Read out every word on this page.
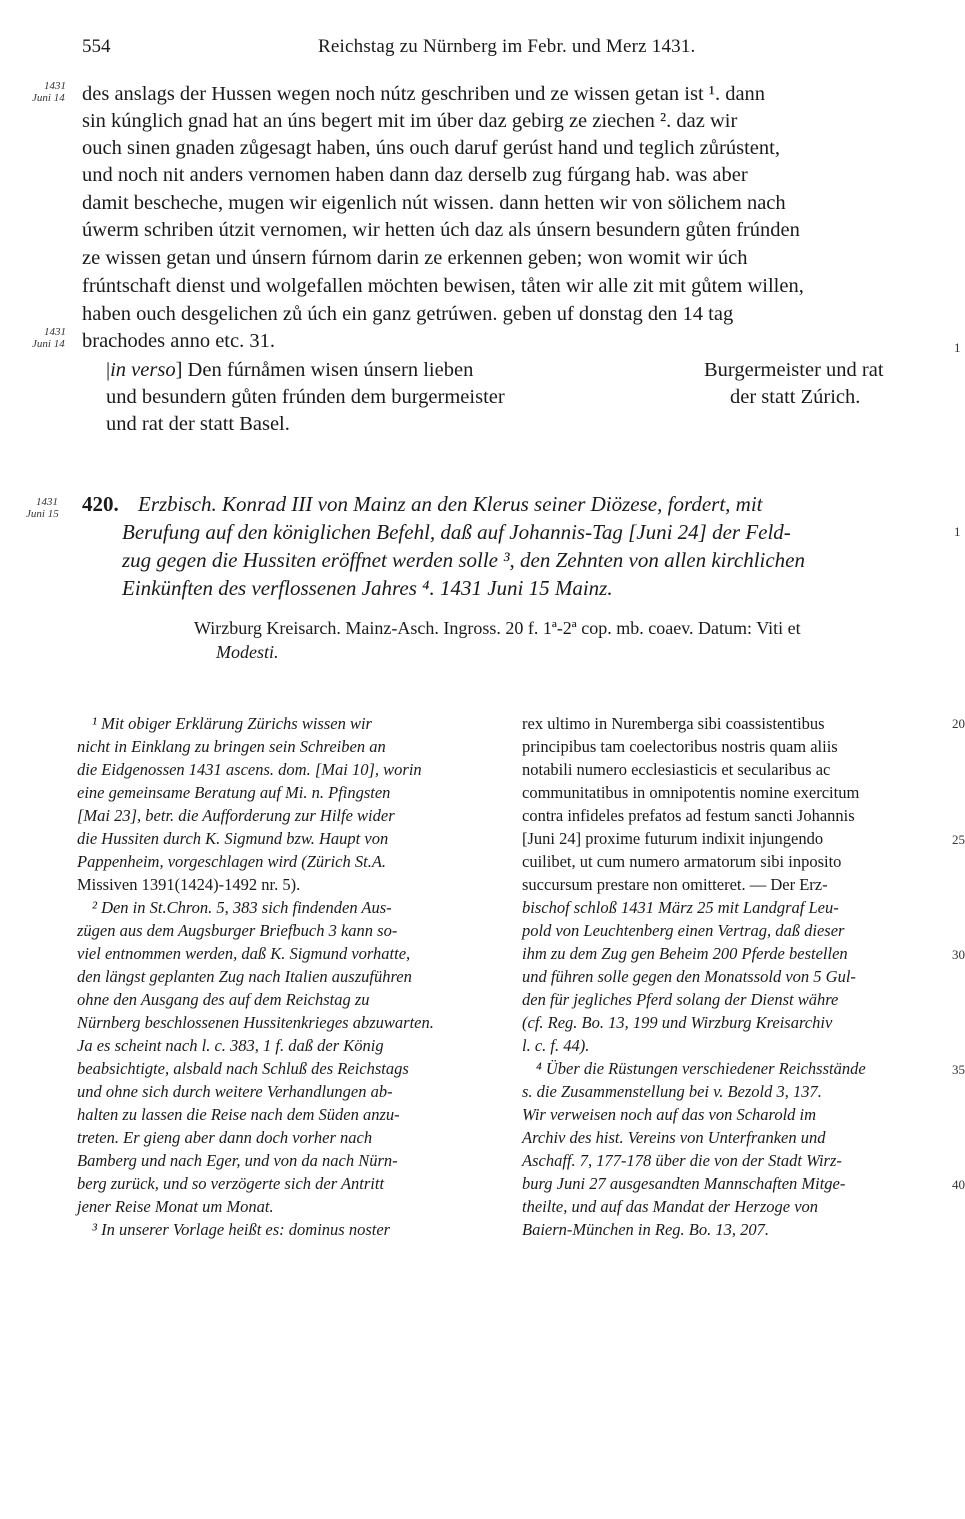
554	Reichstag zu Nürnberg im Febr. und Merz 1431.
1431
Juni 14
1431
Juni 14
1431
Juni 15
1
1
des anslags der Hussen wegen noch nútz geschriben und ze wissen getan ist ¹. dann
sin kúnglich gnad hat an úns begert mit im úber daz gebirg ze ziechen ². daz wir
ouch sinen gnaden zůgesagt haben, úns ouch daruf gerúst hand und teglich zůrústent,
und noch nit anders vernomen haben dann daz derselb zug fúrgang hab. was aber
damit bescheche, mugen wir eigenlich nút wissen. dann hetten wir von sölichem nach
úwerm schriben útzit vernomen, wir hetten úch daz als únsern besundern gůten frúnden
ze wissen getan und únsern fúrnom darin ze erkennen geben; won womit wir úch
frúntschaft dienst und wolgefallen möchten bewisen, tåten wir alle zit mit gůtem willen,
haben ouch desgelichen zů úch ein ganz getrúwen. geben uf donstag den 14 tag
brachodes anno etc. 31.
|in verso] Den fúrnåmen wisen únsern lieben
und besundern gůten frúnden dem burgermeister
und rat der statt Basel.
Burgermeister und rat
der statt Zúrich.
420. Erzbisch. Konrad III von Mainz an den Klerus seiner Diözese, fordert, mit
Berufung auf den königlichen Befehl, daß auf Johannis-Tag [Juni 24] der Feld-
zug gegen die Hussiten eröffnet werden solle ³, den Zehnten von allen kirchlichen
Einkünften des verflossenen Jahres ⁴. 1431 Juni 15 Mainz.
Wirzburg Kreisarch. Mainz-Asch. Ingross. 20 f. 1ª-2ª cop. mb. coaev. Datum: Viti et
Modesti.
¹ Mit obiger Erklärung Zürichs wissen wir
nicht in Einklang zu bringen sein Schreiben an
die Eidgenossen 1431 ascens. dom. [Mai 10], worin
eine gemeinsame Beratung auf Mi. n. Pfingsten
[Mai 23], betr. die Aufforderung zur Hilfe wider
die Hussiten durch K. Sigmund bzw. Haupt von
Pappenheim, vorgeschlagen wird (Zürich St.A.
Missiven 1391(1424)-1492 nr. 5).
² Den in St.Chron. 5, 383 sich findenden Aus-
zügen aus dem Augsburger Briefbuch 3 kann so-
viel entnommen werden, daß K. Sigmund vorhatte,
den längst geplanten Zug nach Italien auszuführen
ohne den Ausgang des auf dem Reichstag zu
Nürnberg beschlossenen Hussitenkrieges abzuwarten.
Ja es scheint nach l. c. 383, 1 f. daß der König
beabsichtigte, alsbald nach Schluß des Reichstags
und ohne sich durch weitere Verhandlungen ab-
halten zu lassen die Reise nach dem Süden anzu-
treten. Er gieng aber dann doch vorher nach
Bamberg und nach Eger, und von da nach Nürn-
berg zurück, und so verzögerte sich der Antritt
jener Reise Monat um Monat.
³ In unserer Vorlage heißt es: dominus noster
rex ultimo in Nuremberga sibi coassistentibus
principibus tam coelectoribus nostris quam aliis
notabili numero ecclesiasticis et secularibus ac
communitatibus in omnipotentis nomine exercitum
contra infideles prefatos ad festum sancti Johannis
[Juni 24] proxime futurum indixit injungendo
cuilibet, ut cum numero armatorum sibi inposito
succursum prestare non omitteret. — Der Erz-
bischof schloß 1431 März 25 mit Landgraf Leu-
pold von Leuchtenberg einen Vertrag, daß dieser
ihm zu dem Zug gen Beheim 200 Pferde bestellen
und führen solle gegen den Monatssold von 5 Gul-
den für jegliches Pferd solang der Dienst währe
(cf. Reg. Bo. 13, 199 und Wirzburg Kreisarchiv
l. c. f. 44).
⁴ Über die Rüstungen verschiedener Reichsstände
s. die Zusammenstellung bei v. Bezold 3, 137.
Wir verweisen noch auf das von Scharold im
Archiv des hist. Vereins von Unterfranken und
Aschaff. 7, 177-178 über die von der Stadt Wirz-
burg Juni 27 ausgesandten Mannschaften Mitge-
theilte, und auf das Mandat der Herzoge von
Baiern-München in Reg. Bo. 13, 207.
20
25
30
35
40
